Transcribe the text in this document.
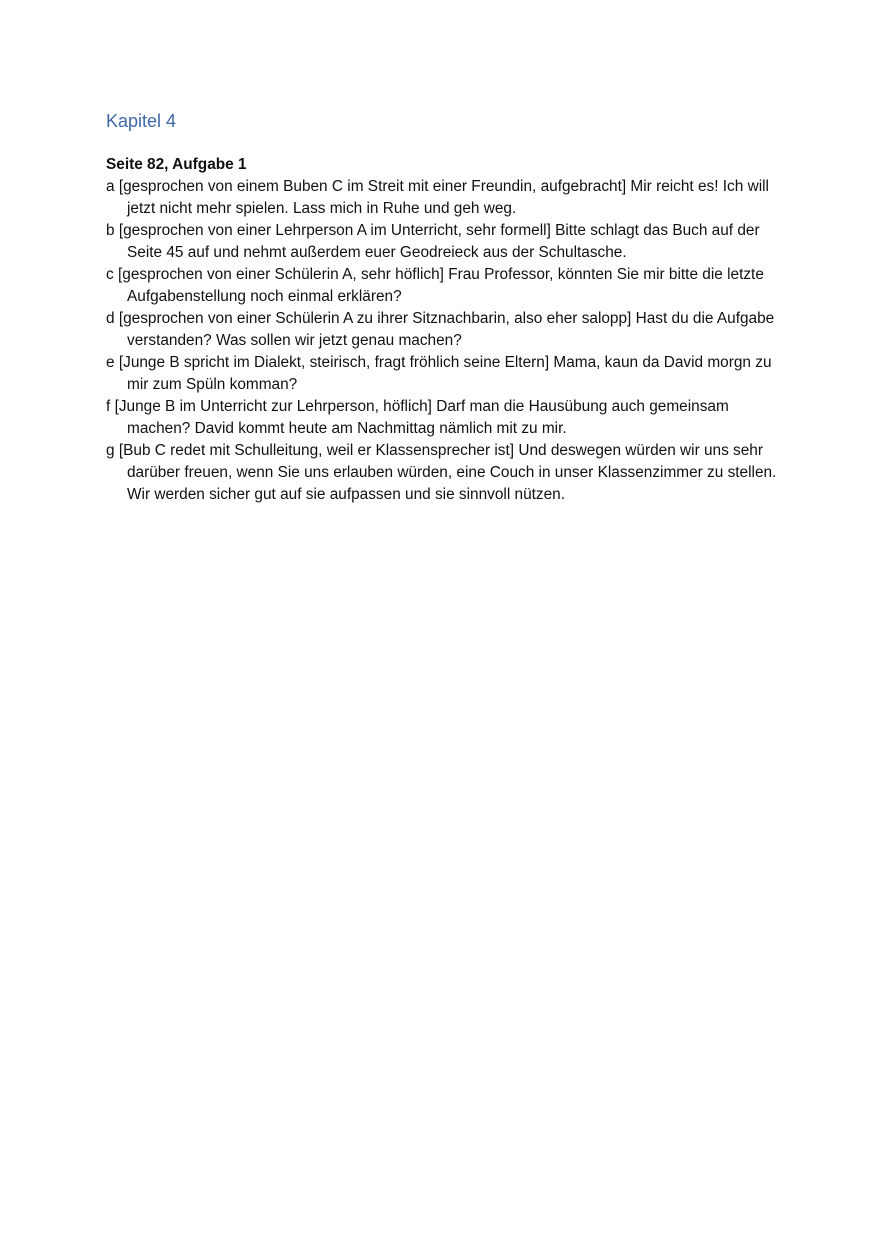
Kapitel 4

Seite 82, Aufgabe 1

a [gesprochen von einem Buben C im Streit mit einer Freundin, aufgebracht] Mir reicht es! Ich will jetzt nicht mehr spielen. Lass mich in Ruhe und geh weg.
b [gesprochen von einer Lehrperson A im Unterricht, sehr formell] Bitte schlagt das Buch auf der Seite 45 auf und nehmt außerdem euer Geodreieck aus der Schultasche.
c [gesprochen von einer Schülerin A, sehr höflich] Frau Professor, könnten Sie mir bitte die letzte Aufgabenstellung noch einmal erklären?
d [gesprochen von einer Schülerin A zu ihrer Sitznachbarin, also eher salopp] Hast du die Aufgabe verstanden? Was sollen wir jetzt genau machen?
e [Junge B spricht im Dialekt, steirisch, fragt fröhlich seine Eltern] Mama, kaun da David morgn zu mir zum Spüln komman?
f [Junge B im Unterricht zur Lehrperson, höflich] Darf man die Hausübung auch gemeinsam machen? David kommt heute am Nachmittag nämlich mit zu mir.
g [Bub C redet mit Schulleitung, weil er Klassensprecher ist] Und deswegen würden wir uns sehr darüber freuen, wenn Sie uns erlauben würden, eine Couch in unser Klassenzimmer zu stellen. Wir werden sicher gut auf sie aufpassen und sie sinnvoll nützen.
